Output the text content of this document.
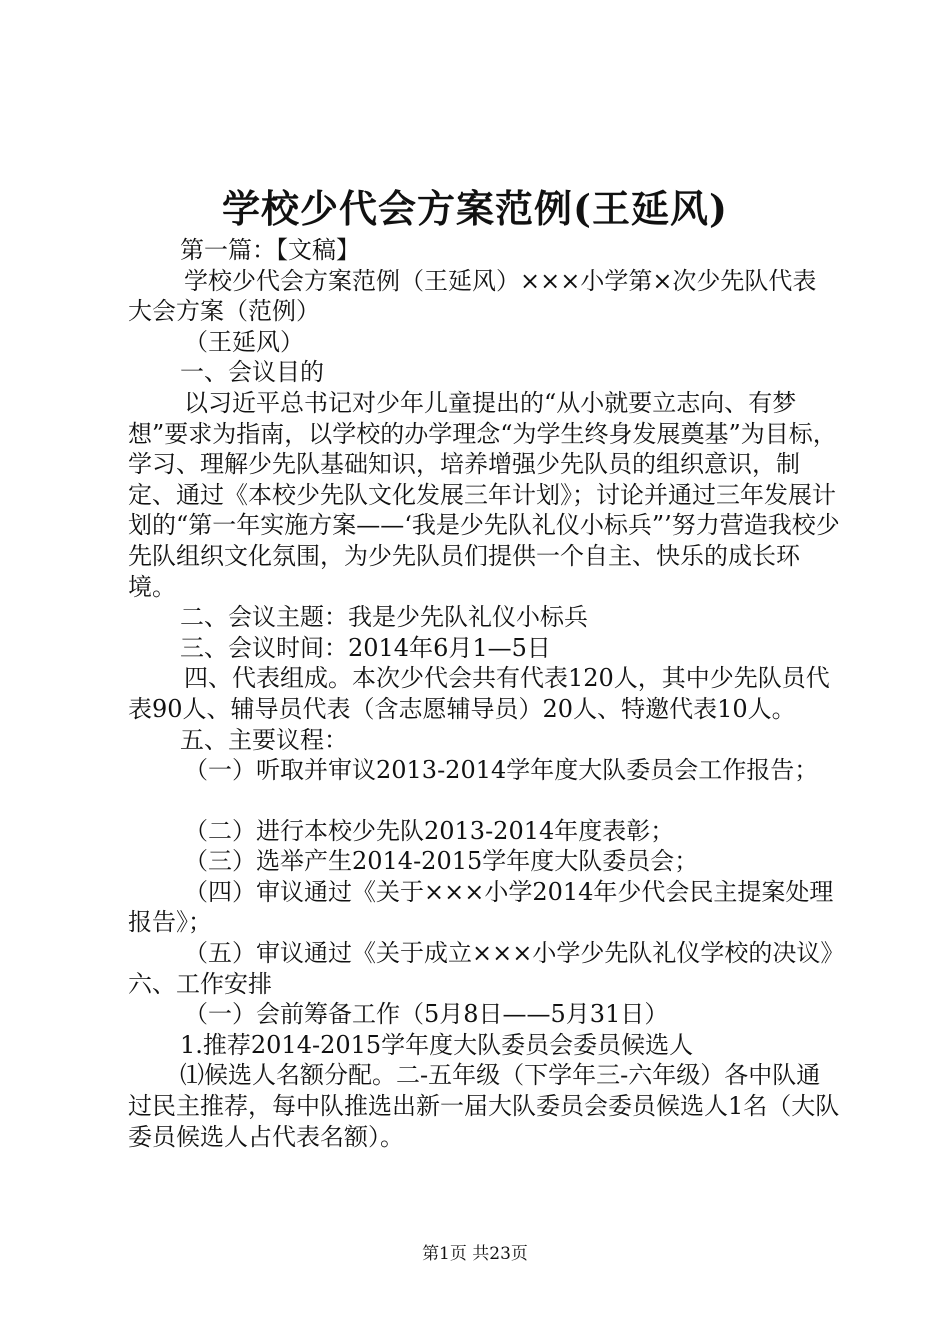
学校少代会方案范例(王延风)

第一篇：【文稿】

学校少代会方案范例（王延风）×××小学第×次少先队代表大会方案（范例）

（王延风）

一、会议目的

以习近平总书记对少年儿童提出的“从小就要立志向、有梦想”要求为指南，以学校的办学理念“为学生终身发展奠基”为目标，学习、理解少先队基础知识，培养增强少先队员的组织意识，制定、通过《本校少先队文化发展三年计划》；讨论并通过三年发展计划的“第一年实施方案——‘我是少先队礼仪小标兵”’努力营造我校少先队组织文化氛围，为少先队员们提供一个自主、快乐的成长环境。

二、会议主题：我是少先队礼仪小标兵

三、会议时间：2014年6月1—5日

四、代表组成。本次少代会共有代表120人，其中少先队员代表90人、辅导员代表（含志愿辅导员）20人、特邀代表10人。

五、主要议程：

（一）听取并审议2013-2014学年度大队委员会工作报告；

（二）进行本校少先队2013-2014年度表彰；

（三）选举产生2014-2015学年度大队委员会；

（四）审议通过《关于×××小学2014年少代会民主提案处理报告》；

（五）审议通过《关于成立×××小学少先队礼仪学校的决议》六、工作安排

（一）会前筹备工作（5月8日——5月31日）

1.推荐2014-2015学年度大队委员会委员候选人

⑴候选人名额分配。二-五年级（下学年三-六年级）各中队通过民主推荐，每中队推选出新一届大队委员会委员候选人1名（大队委员候选人占代表名额）。

第1页 共23页
